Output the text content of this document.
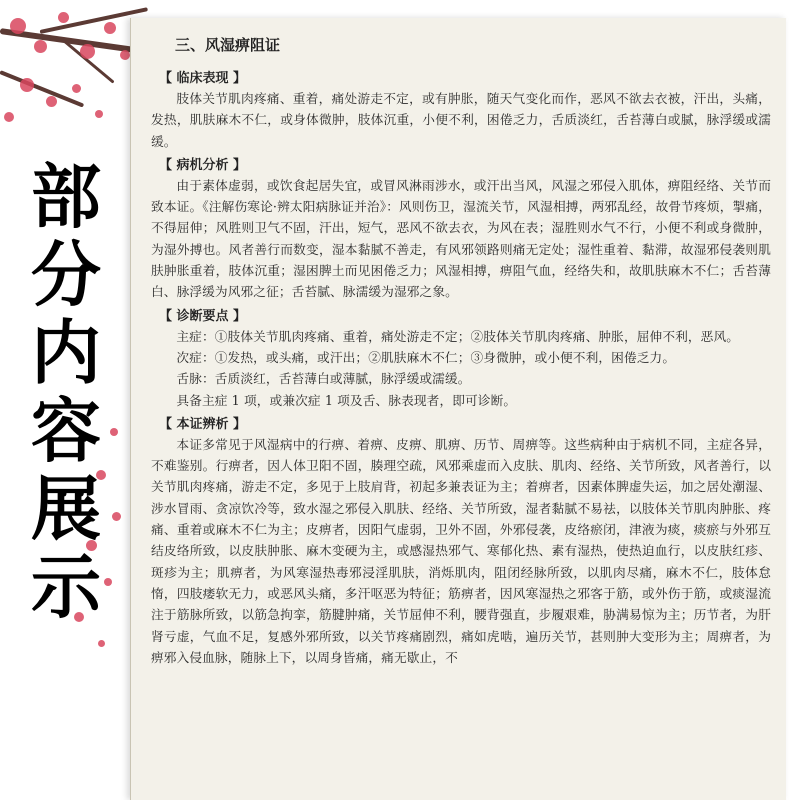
部分内容展示
三、风湿痹阻证
【 临床表现 】
肢体关节肌肉疼痛、重着，痛处游走不定，或有肿胀，随天气变化而作，恶风不欲去衣被，汗出，头痛，发热，肌肤麻木不仁，或身体微肿，肢体沉重，小便不利，困倦乏力，舌质淡红，舌苔薄白或腻，脉浮缓或濡缓。
【 病机分析 】
由于素体虚弱，或饮食起居失宜，或冒风淋雨涉水，或汗出当风，风湿之邪侵入肌体，痹阻经络、关节而致本证。《注解伤寒论·辨太阳病脉证并治》：风则伤卫，湿流关节，风湿相搏，两邪乱经，故骨节疼烦，掣痛，不得屈伸；风胜则卫气不固，汗出，短气，恶风不欲去衣，为风在表；湿胜则水气不行，小便不利或身微肿，为湿外搏也。风者善行而数变，湿本黏腻不善走，有风邪领路则痛无定处；湿性重着、黏滞，故湿邪侵袭则肌肤肿胀重着，肢体沉重；湿困脾土而见困倦乏力；风湿相搏，痹阻气血，经络失和，故肌肤麻木不仁；舌苔薄白、脉浮缓为风邪之征；舌苔腻、脉濡缓为湿邪之象。
【 诊断要点 】
主症：①肢体关节肌肉疼痛、重着，痛处游走不定；②肢体关节肌肉疼痛、肿胀，屈伸不利，恶风。
次症：①发热，或头痛，或汗出；②肌肤麻木不仁；③身微肿，或小便不利，困倦乏力。
舌脉：舌质淡红，舌苔薄白或薄腻，脉浮缓或濡缓。
具备主症 1 项，或兼次症 1 项及舌、脉表现者，即可诊断。
【 本证辨析 】
本证多常见于风湿病中的行痹、着痹、皮痹、肌痹、历节、周痹等。这些病种由于病机不同，主症各异，不难鉴别。行痹者，因人体卫阳不固，腠理空疏，风邪乘虚而入皮肤、肌肉、经络、关节所致，风者善行，以关节肌肉疼痛，游走不定，多见于上肢肩背，初起多兼表证为主；着痹者，因素体脾虚失运，加之居处潮湿、涉水冒雨、贪凉饮冷等，致水湿之邪侵入肌肤、经络、关节所致，湿者黏腻不易祛，以肢体关节肌肉肿胀、疼痛、重着或麻木不仁为主；皮痹者，因阳气虚弱，卫外不固，外邪侵袭，皮络瘀闭，津液为痰，痰瘀与外邪互结皮络所致，以皮肤肿胀、麻木变硬为主，或感湿热邪气、寒郁化热、素有湿热，使热迫血行，以皮肤红疹、斑疹为主；肌痹者，为风寒湿热毒邪浸淫肌肤，消烁肌肉，阻闭经脉所致，以肌肉尽痛，麻木不仁，肢体怠惰，四肢痿软无力，或恶风头痛，多汗呕恶为特征；筋痹者，因风寒湿热之邪客于筋，或外伤于筋，或痰湿流注于筋脉所致，以筋急拘挛，筋腱肿痛，关节屈伸不利，腰背强直，步履艰难，胁满易惊为主；历节者，为肝肾亏虚，气血不足，复感外邪所致，以关节疼痛剧烈，痛如虎啮，遍历关节，甚则肿大变形为主；周痹者，为痹邪入侵血脉，随脉上下，以周身皆痛，痛无歇止，不
